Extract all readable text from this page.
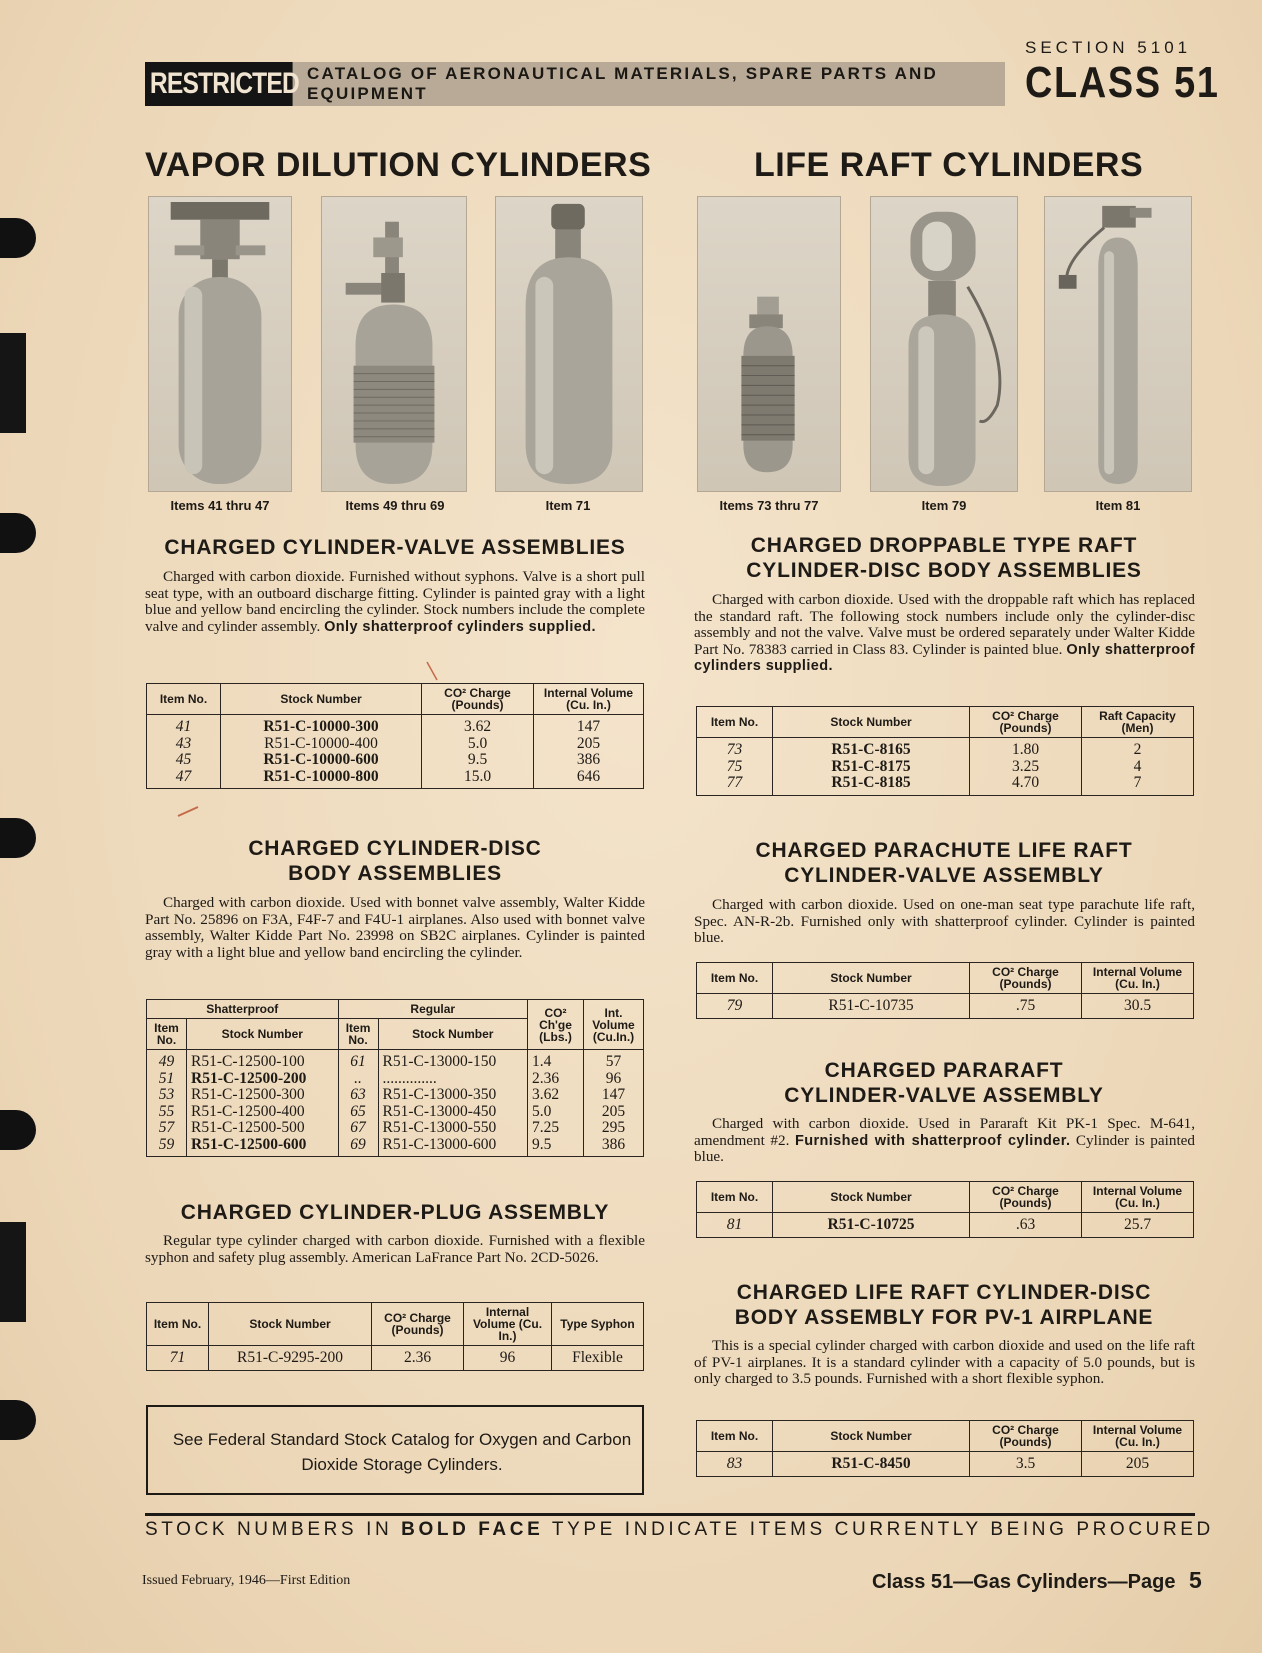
SECTION 5101
RESTRICTED CATALOG OF AERONAUTICAL MATERIALS, SPARE PARTS AND EQUIPMENT	CLASS 51
VAPOR DILUTION CYLINDERS
Items 41 thru 47	Items 49 thru 69	Item 71
CHARGED CYLINDER-VALVE ASSEMBLIES
Charged with carbon dioxide. Furnished without syphons. Valve is a short pull seat type, with an outboard discharge fitting. Cylinder is painted gray with a light blue and yellow band encircling the cylinder. Stock numbers include the complete valve and cylinder assembly. Only shatterproof cylinders supplied.
Item No.	Stock Number	CO² Charge (Pounds)	Internal Volume (Cu. In.)
41	R51-C-10000-300	3.62	147
43	R51-C-10000-400	5.0	205
45	R51-C-10000-600	9.5	386
47	R51-C-10000-800	15.0	646
CHARGED CYLINDER-DISC
BODY ASSEMBLIES
Charged with carbon dioxide. Used with bonnet valve assembly, Walter Kidde Part No. 25896 on F3A, F4F-7 and F4U-1 airplanes. Also used with bonnet valve assembly, Walter Kidde Part No. 23998 on SB2C airplanes. Cylinder is painted gray with a light blue and yellow band encircling the cylinder.
Shatterproof		Regular		CO² Ch'ge (Lbs.)	Int. Volume (Cu.In.)
Item No.	Stock Number	Item No.	Stock Number		
49	R51-C-12500-100	61	R51-C-13000-150	1.4	57
51	R51-C-12500-200	..	..............	2.36	96
53	R51-C-12500-300	63	R51-C-13000-350	3.62	147
55	R51-C-12500-400	65	R51-C-13000-450	5.0	205
57	R51-C-12500-500	67	R51-C-13000-550	7.25	295
59	R51-C-12500-600	69	R51-C-13000-600	9.5	386
CHARGED CYLINDER-PLUG ASSEMBLY
Regular type cylinder charged with carbon dioxide. Furnished with a flexible syphon and safety plug assembly. American LaFrance Part No. 2CD-5026.
Item No.	Stock Number	CO² Charge (Pounds)	Internal Volume (Cu. In.)	Type Syphon
71	R51-C-9295-200	2.36	96	Flexible
See Federal Standard Stock Catalog for Oxygen and Carbon Dioxide Storage Cylinders.
LIFE RAFT CYLINDERS
Items 73 thru 77	Item 79	Item 81
CHARGED DROPPABLE TYPE RAFT
CYLINDER-DISC BODY ASSEMBLIES
Charged with carbon dioxide. Used with the droppable raft which has replaced the standard raft. The following stock numbers include only the cylinder-disc assembly and not the valve. Valve must be ordered separately under Walter Kidde Part No. 78383 carried in Class 83. Cylinder is painted blue. Only shatterproof cylinders supplied.
Item No.	Stock Number	CO² Charge (Pounds)	Raft Capacity (Men)
73	R51-C-8165	1.80	2
75	R51-C-8175	3.25	4
77	R51-C-8185	4.70	7
CHARGED PARACHUTE LIFE RAFT
CYLINDER-VALVE ASSEMBLY
Charged with carbon dioxide. Used on one-man seat type parachute life raft, Spec. AN-R-2b. Furnished only with shatterproof cylinder. Cylinder is painted blue.
Item No.	Stock Number	CO² Charge (Pounds)	Internal Volume (Cu. In.)
79	R51-C-10735	.75	30.5
CHARGED PARARAFT
CYLINDER-VALVE ASSEMBLY
Charged with carbon dioxide. Used in Pararaft Kit PK-1 Spec. M-641, amendment #2. Furnished with shatterproof cylinder. Cylinder is painted blue.
Item No.	Stock Number	CO² Charge (Pounds)	Internal Volume (Cu. In.)
81	R51-C-10725	.63	25.7
CHARGED LIFE RAFT CYLINDER-DISC
BODY ASSEMBLY FOR PV-1 AIRPLANE
This is a special cylinder charged with carbon dioxide and used on the life raft of PV-1 airplanes. It is a standard cylinder with a capacity of 5.0 pounds, but is only charged to 3.5 pounds. Furnished with a short flexible syphon.
Item No.	Stock Number	CO² Charge (Pounds)	Internal Volume (Cu. In.)
83	R51-C-8450	3.5	205
STOCK NUMBERS IN BOLD FACE TYPE INDICATE ITEMS CURRENTLY BEING PROCURED
Issued February, 1946—First Edition	Class 51—Gas Cylinders—Page 5
